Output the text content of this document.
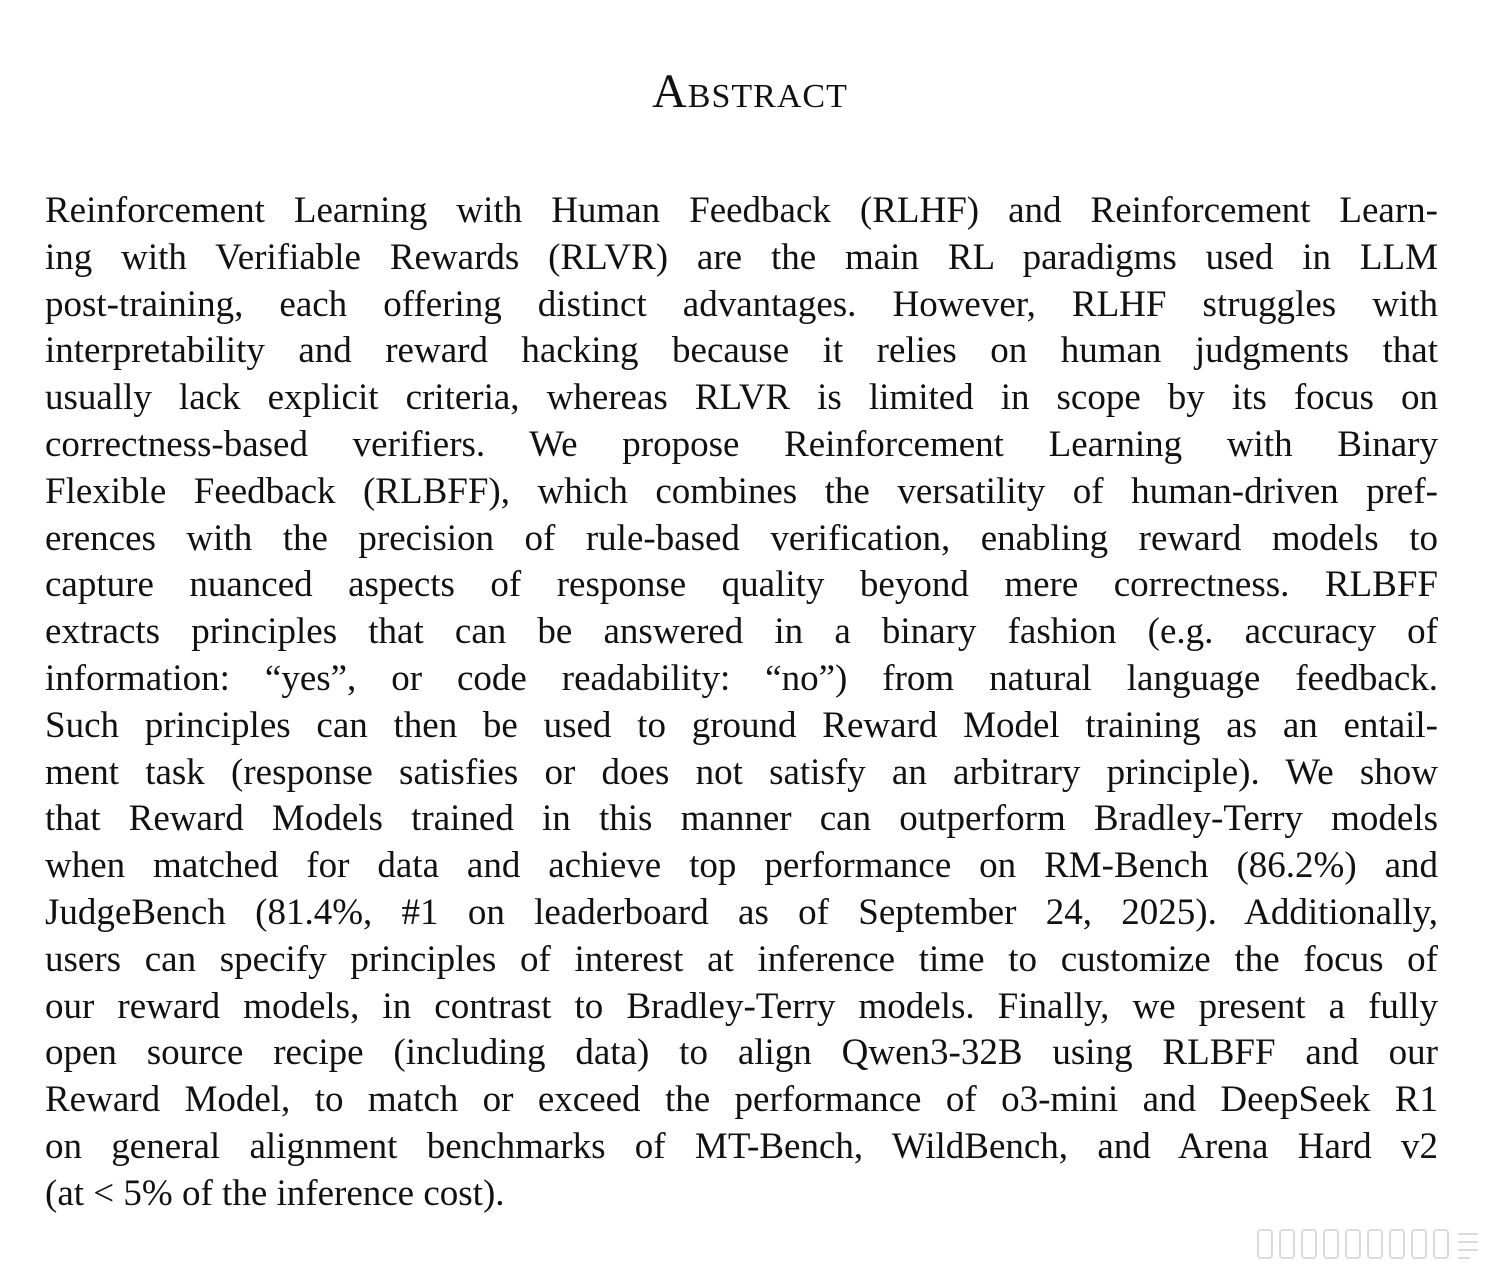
Abstract
Reinforcement Learning with Human Feedback (RLHF) and Reinforcement Learn-
ing with Verifiable Rewards (RLVR) are the main RL paradigms used in LLM
post-training, each offering distinct advantages. However, RLHF struggles with
interpretability and reward hacking because it relies on human judgments that
usually lack explicit criteria, whereas RLVR is limited in scope by its focus on
correctness-based verifiers. We propose Reinforcement Learning with Binary
Flexible Feedback (RLBFF), which combines the versatility of human-driven pref-
erences with the precision of rule-based verification, enabling reward models to
capture nuanced aspects of response quality beyond mere correctness. RLBFF
extracts principles that can be answered in a binary fashion (e.g. accuracy of
information: “yes”, or code readability: “no”) from natural language feedback.
Such principles can then be used to ground Reward Model training as an entail-
ment task (response satisfies or does not satisfy an arbitrary principle). We show
that Reward Models trained in this manner can outperform Bradley-Terry models
when matched for data and achieve top performance on RM-Bench (86.2%) and
JudgeBench (81.4%, #1 on leaderboard as of September 24, 2025). Additionally,
users can specify principles of interest at inference time to customize the focus of
our reward models, in contrast to Bradley-Terry models. Finally, we present a fully
open source recipe (including data) to align Qwen3-32B using RLBFF and our
Reward Model, to match or exceed the performance of o3-mini and DeepSeek R1
on general alignment benchmarks of MT-Bench, WildBench, and Arena Hard v2
(at < 5% of the inference cost).
